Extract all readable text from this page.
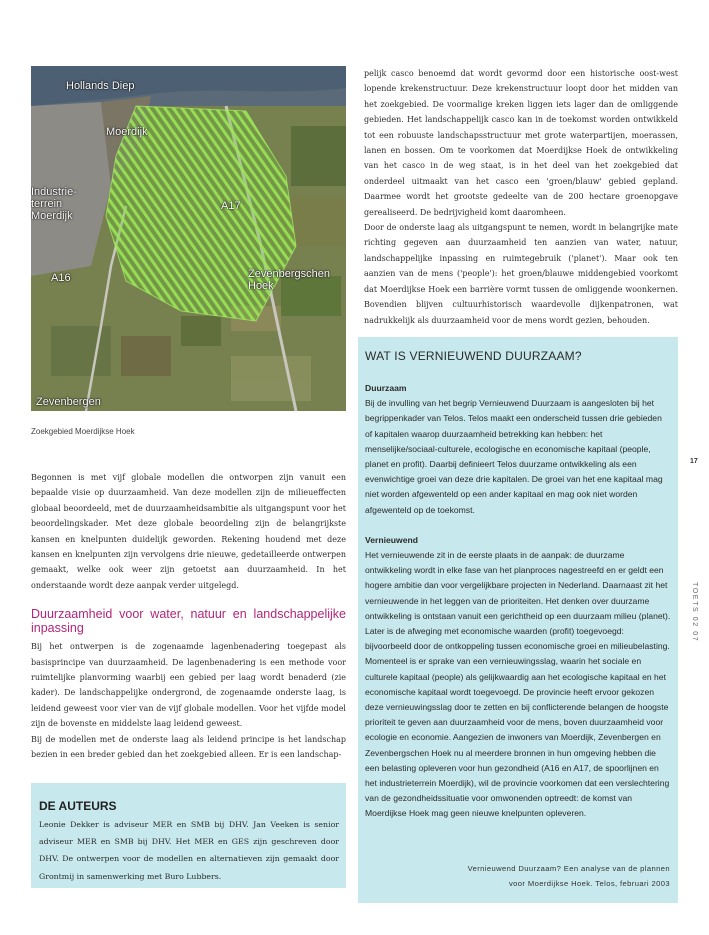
Hollands Diep
Moerdijk
Industrie-
terrein
Moerdijk
A17
A16	Zevenbergschen
Hoek
Zevenbergen
Zoekgebied Moerdijkse Hoek

pelijk casco benoemd dat wordt gevormd door een historische oost-west lopende krekenstructuur. Deze krekenstructuur loopt door het midden van het zoekgebied. De voormalige kreken liggen iets lager dan de omliggende gebieden. Het landschappelijk casco kan in de toekomst worden ontwikkeld tot een robuuste landschapsstructuur met grote waterpartijen, moerassen, lanen en bossen. Om te voorkomen dat Moerdijkse Hoek de ontwikkeling van het casco in de weg staat, is in het deel van het zoekgebied dat onderdeel uitmaakt van het casco een 'groen/blauw' gebied gepland. Daarmee wordt het grootste gedeelte van de 200 hectare groenopgave gerealiseerd. De bedrijvigheid komt daaromheen.

Door de onderste laag als uitgangspunt te nemen, wordt in belangrijke mate richting gegeven aan duurzaamheid ten aanzien van water, natuur, landschappelijke inpassing en ruimtegebruik ('planet'). Maar ook ten aanzien van de mens ('people'): het groen/blauwe middengebied voorkomt dat Moerdijkse Hoek een barrière vormt tussen de omliggende woonkernen. Bovendien blijven cultuurhistorisch waardevolle dijkenpatronen, wat nadrukkelijk als duurzaamheid voor de mens wordt gezien, behouden.

Begonnen is met vijf globale modellen die ontworpen zijn vanuit een bepaalde visie op duurzaamheid. Van deze modellen zijn de milieueffecten globaal beoordeeld, met de duurzaamheidsambitie als uitgangspunt voor het beoordelingskader. Met deze globale beoordeling zijn de belangrijkste kansen en knelpunten duidelijk geworden. Rekening houdend met deze kansen en knelpunten zijn vervolgens drie nieuwe, gedetailleerde ontwerpen gemaakt, welke ook weer zijn getoetst aan duurzaamheid. In het onderstaande wordt deze aanpak verder uitgelegd.

Duurzaamheid voor water, natuur en landschappelijke inpassing

Bij het ontwerpen is de zogenaamde lagenbenadering toegepast als basisprincipe van duurzaamheid. De lagenbenadering is een methode voor ruimtelijke planvorming waarbij een gebied per laag wordt benaderd (zie kader). De landschappelijke ondergrond, de zogenaamde onderste laag, is leidend geweest voor vier van de vijf globale modellen. Voor het vijfde model zijn de bovenste en middelste laag leidend geweest.

Bij de modellen met de onderste laag als leidend principe is het landschap bezien in een breder gebied dan het zoekgebied alleen. Er is een landschap-

WAT IS VERNIEUWEND DUURZAAM?

Duurzaam

Bij de invulling van het begrip Vernieuwend Duurzaam is aangesloten bij het begrippenkader van Telos. Telos maakt een onderscheid tussen drie gebieden of kapitalen waarop duurzaamheid betrekking kan hebben: het menselijke/sociaal-culturele, ecologische en economische kapitaal (people, planet en profit). Daarbij definieert Telos duurzame ontwikkeling als een evenwichtige groei van deze drie kapitalen. De groei van het ene kapitaal mag niet worden afgewenteld op een ander kapitaal en mag ook niet worden afgewenteld op de toekomst.

Vernieuwend

Het vernieuwende zit in de eerste plaats in de aanpak: de duurzame ontwikkeling wordt in elke fase van het planproces nagestreefd en er geldt een hogere ambitie dan voor vergelijkbare projecten in Nederland. Daarnaast zit het vernieuwende in het leggen van de prioriteiten. Het denken over duurzame ontwikkeling is ontstaan vanuit een gerichtheid op een duurzaam milieu (planet). Later is de afweging met economische waarden (profit) toegevoegd: bijvoorbeeld door de ontkoppeling tussen economische groei en milieubelasting. Momenteel is er sprake van een vernieuwingsslag, waarin het sociale en culturele kapitaal (people) als gelijkwaardig aan het ecologische kapitaal en het economische kapitaal wordt toegevoegd. De provincie heeft ervoor gekozen deze vernieuwingsslag door te zetten en bij conflicterende belangen de hoogste prioriteit te geven aan duurzaamheid voor de mens, boven duurzaamheid voor ecologie en economie. Aangezien de inwoners van Moerdijk, Zevenbergen en Zevenbergschen Hoek nu al meerdere bronnen in hun omgeving hebben die een belasting opleveren voor hun gezondheid (A16 en A17, de spoorlijnen en het industrieterrein Moerdijk), wil de provincie voorkomen dat een verslechtering van de gezondheidssituatie voor omwonenden optreedt: de komst van Moerdijkse Hoek mag geen nieuwe knelpunten opleveren.

Vernieuwend Duurzaam? Een analyse van de plannen
voor Moerdijkse Hoek. Telos, februari 2003
DE AUTEURS
Leonie Dekker is adviseur MER en SMB bij DHV. Jan Veeken is senior adviseur MER en SMB bij DHV. Het MER en GES zijn geschreven door DHV. De ontwerpen voor de modellen en alternatieven zijn gemaakt door Grontmij in samenwerking met Buro Lubbers.
17
TOETS 02 07
